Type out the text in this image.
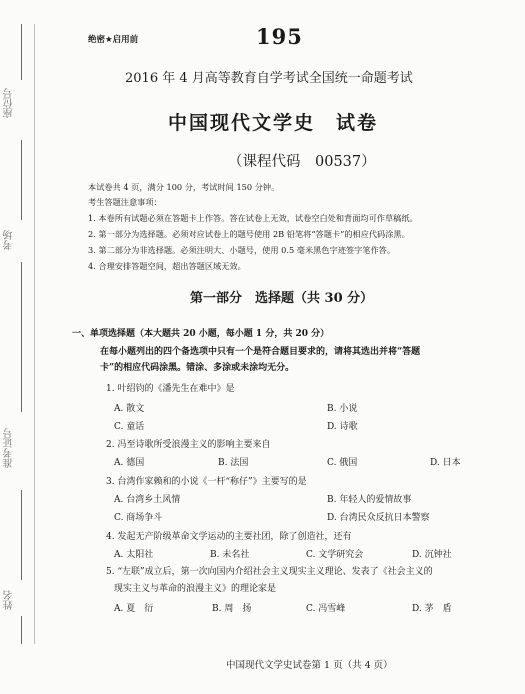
座位号
考场
准考证号
姓名
绝密★启用前	195
2016 年 4 月高等教育自学考试全国统一命题考试
中国现代文学史　试卷
（课程代码　00537）
本试卷共 4 页，满分 100 分，考试时间 150 分钟。
考生答题注意事项：
1. 本卷所有试题必须在答题卡上作答。答在试卷上无效，试卷空白处和背面均可作草稿纸。
2. 第一部分为选择题。必须对应试卷上的题号使用 2B 铅笔将“答题卡”的相应代码涂黑。
3. 第二部分为非选择题。必须注明大、小题号，使用 0.5 毫米黑色字迹签字笔作答。
4. 合理安排答题空间，超出答题区域无效。
第一部分　选择题（共 30 分）
一、单项选择题（本大题共 20 小题，每小题 1 分，共 20 分）
在每小题列出的四个备选项中只有一个是符合题目要求的，请将其选出并将“答题
卡”的相应代码涂黑。错涂、多涂或未涂均无分。
1. 叶绍钧的《潘先生在难中》是
A. 散文	B. 小说
C. 童话	D. 诗歌
2. 冯至诗歌所受浪漫主义的影响主要来自
A. 德国	B. 法国	C. 俄国	D. 日本
3. 台湾作家赖和的小说《一杆“称仔”》主要写的是
A. 台湾乡土风情	B. 年轻人的爱情故事
C. 商场争斗	D. 台湾民众反抗日本警察
4. 发起无产阶级革命文学运动的主要社团，除了创造社，还有
A. 太阳社	B. 未名社	C. 文学研究会	D. 沉钟社
5. “左联”成立后，第一次向国内介绍社会主义现实主义理论、发表了《社会主义的
现实主义与革命的浪漫主义》的理论家是
A. 夏　衍	B. 周　扬	C. 冯雪峰	D. 茅　盾
中国现代文学史试卷第 1 页（共 4 页）
